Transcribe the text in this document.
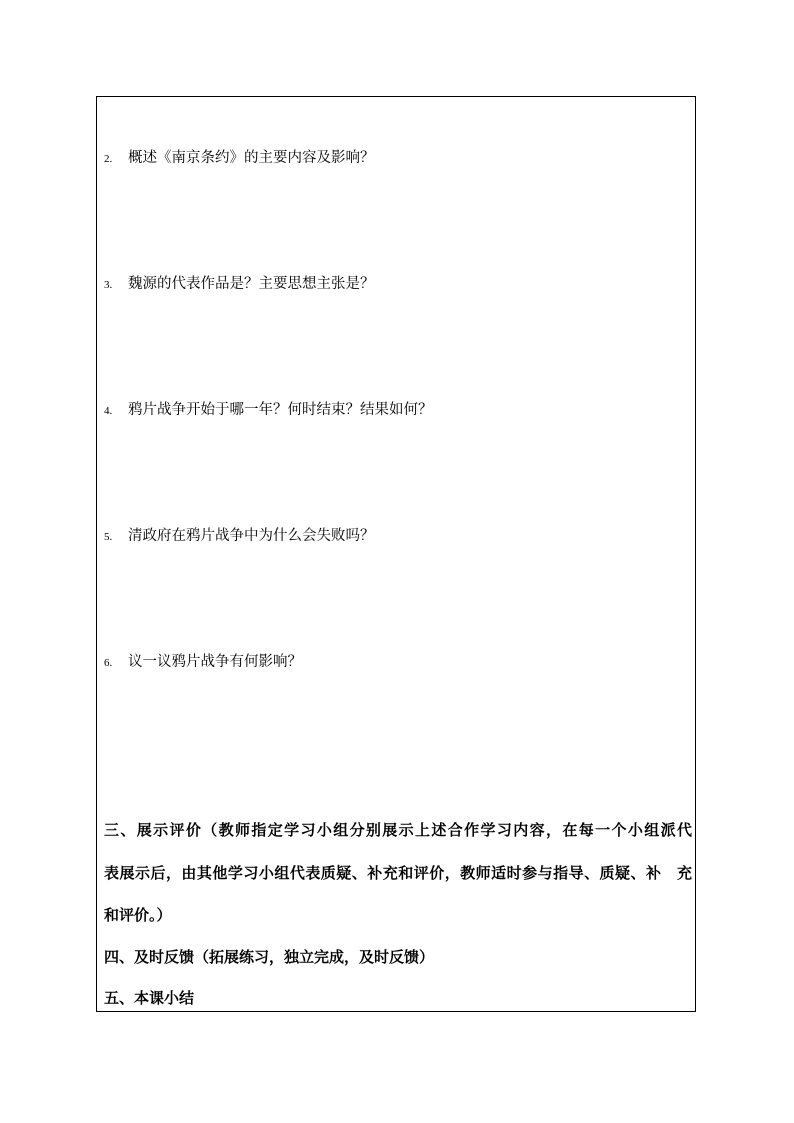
2. 概述《南京条约》的主要内容及影响？
3. 魏源的代表作品是？主要思想主张是？
4. 鸦片战争开始于哪一年？何时结束？结果如何？
5. 清政府在鸦片战争中为什么会失败吗？
6. 议一议鸦片战争有何影响？
三、展示评价（教师指定学习小组分别展示上述合作学习内容，在每一个小组派代
表展示后，由其他学习小组代表质疑、补充和评价，教师适时参与指导、质疑、补　充
和评价。）
四、及时反馈（拓展练习，独立完成，及时反馈）
五、本课小结
